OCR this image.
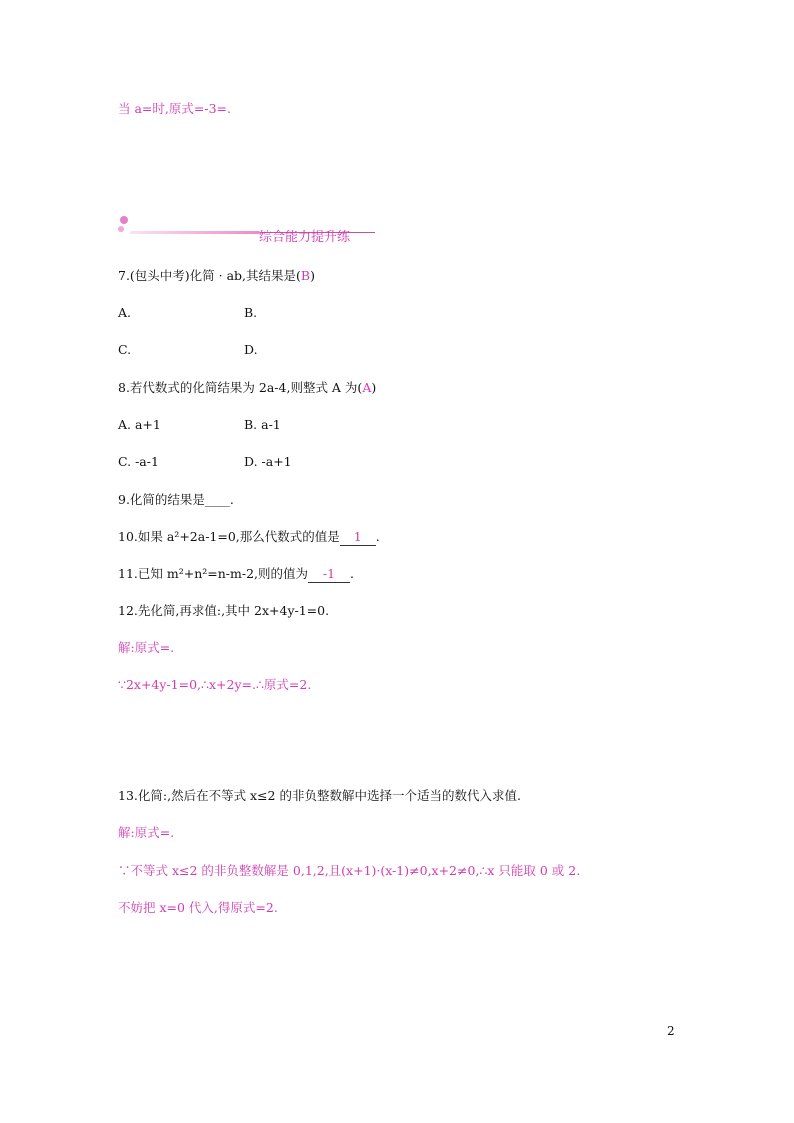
当 a=时,原式=-3=.
综合能力提升练
7.(包头中考)化简 · ab,其结果是(B)
A.	B.
C.	D.
8.若代数式的化简结果为 2a-4,则整式 A 为(A)
A. a+1	B. a-1
C. -a-1	D. -a+1
9.化简的结果是____.
10.如果 a²+2a-1=0,那么代数式的值是 1 .
11.已知 m²+n²=n-m-2,则的值为 -1 .
12.先化简,再求值:,其中 2x+4y-1=0.
解:原式=.
∵2x+4y-1=0,∴x+2y=.∴原式=2.
13.化简:,然后在不等式 x≤2 的非负整数解中选择一个适当的数代入求值.
解:原式=.
∵不等式 x≤2 的非负整数解是 0,1,2,且(x+1)·(x-1)≠0,x+2≠0,∴x 只能取 0 或 2.
不妨把 x=0 代入,得原式=2.
2
